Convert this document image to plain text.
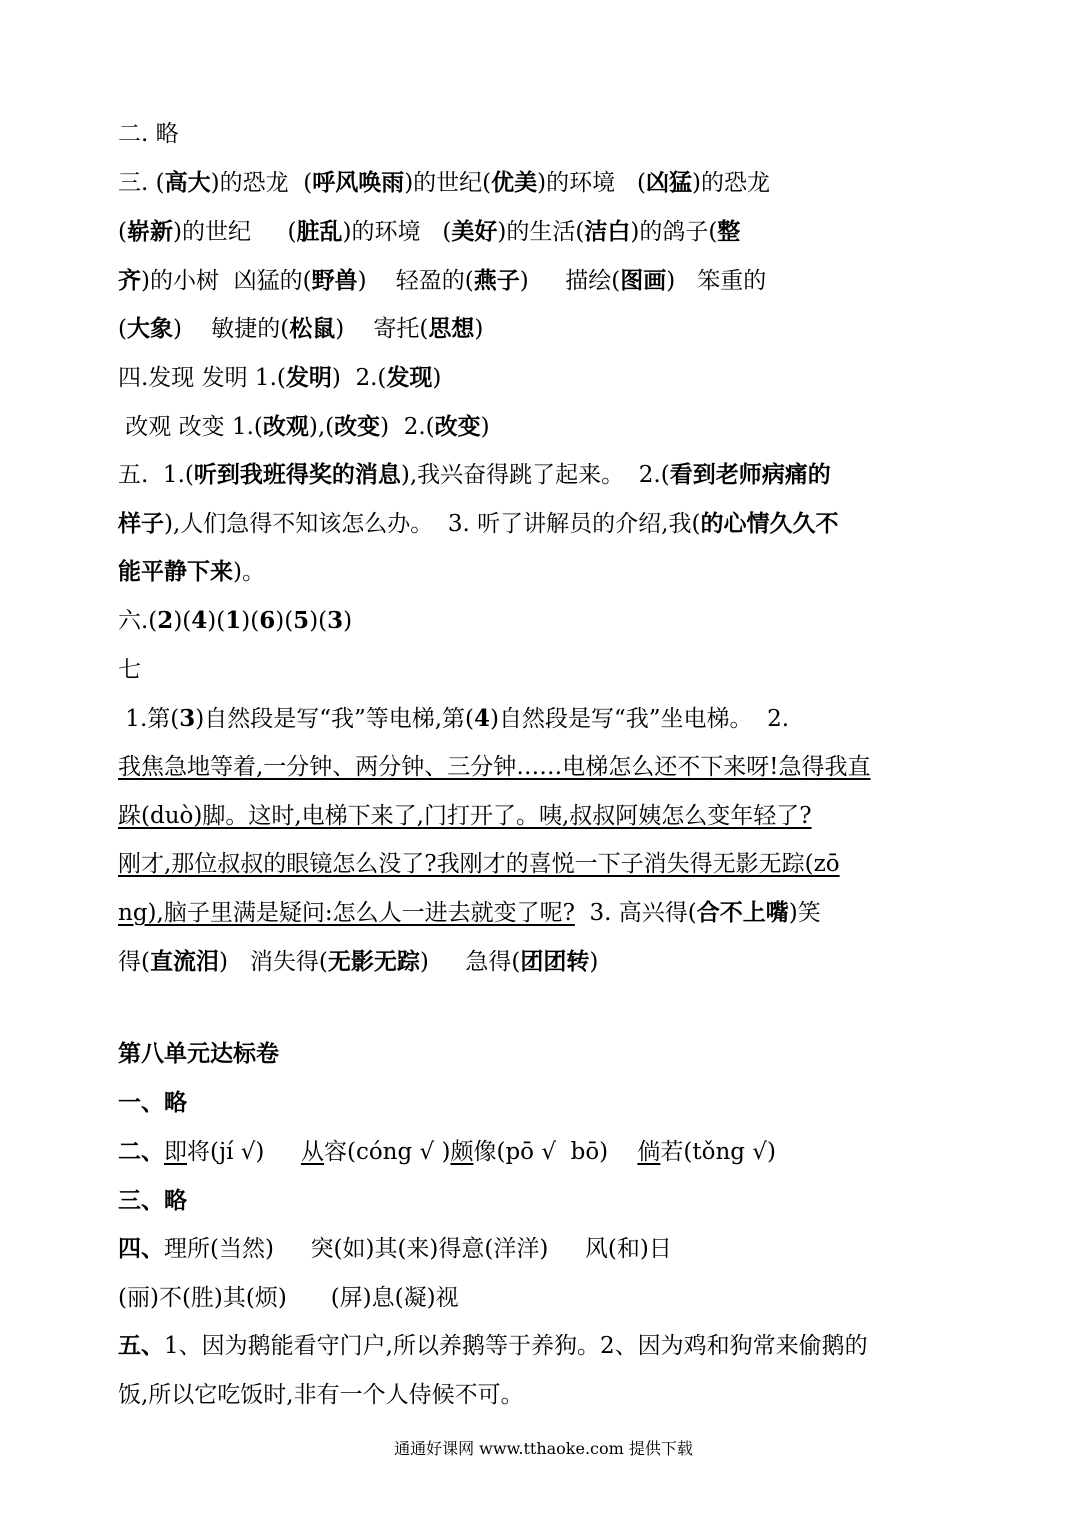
二. 略
三. (高大)的恐龙  (呼风唤雨)的世纪(优美)的环境   (凶猛)的恐龙
(崭新)的世纪     (脏乱)的环境   (美好)的生活(洁白)的鸽子(整
齐)的小树  凶猛的(野兽)    轻盈的(燕子)     描绘(图画)   笨重的
(大象)    敏捷的(松鼠)    寄托(思想)
四.发现 发明 1.(发明)  2.(发现)
改观 改变 1.(改观),(改变)  2.(改变)
五.  1.(听到我班得奖的消息),我兴奋得跳了起来。  2.(看到老师病痛的
样子),人们急得不知该怎么办。  3. 听了讲解员的介绍,我(的心情久久不
能平静下来)。
六.(2)(4)(1)(6)(5)(3)
七
1.第(3)自然段是写“我”等电梯,第(4)自然段是写“我”坐电梯。  2.
我焦急地等着,一分钟、两分钟、三分钟……电梯怎么还不下来呀!急得我直
跺(duò)脚。这时,电梯下来了,门打开了。咦,叔叔阿姨怎么变年轻了?
刚才,那位叔叔的眼镜怎么没了?我刚才的喜悦一下子消失得无影无踪(zō
ng),脑子里满是疑问:怎么人一进去就变了呢?  3. 高兴得(合不上嘴)笑
得(直流泪)   消失得(无影无踪)     急得(团团转)
第八单元达标卷
一、略
二、即将(jí √)     从容(cóng √ )颇像(pō √  bō)    倘若(tǒng √)
三、略
四、理所(当然)     突(如)其(来)得意(洋洋)     风(和)日
(丽)不(胜)其(烦)      (屏)息(凝)视
五、1、因为鹅能看守门户,所以养鹅等于养狗。2、因为鸡和狗常来偷鹅的
饭,所以它吃饭时,非有一个人侍候不可。
通通好课网 www.tthaoke.com 提供下载
